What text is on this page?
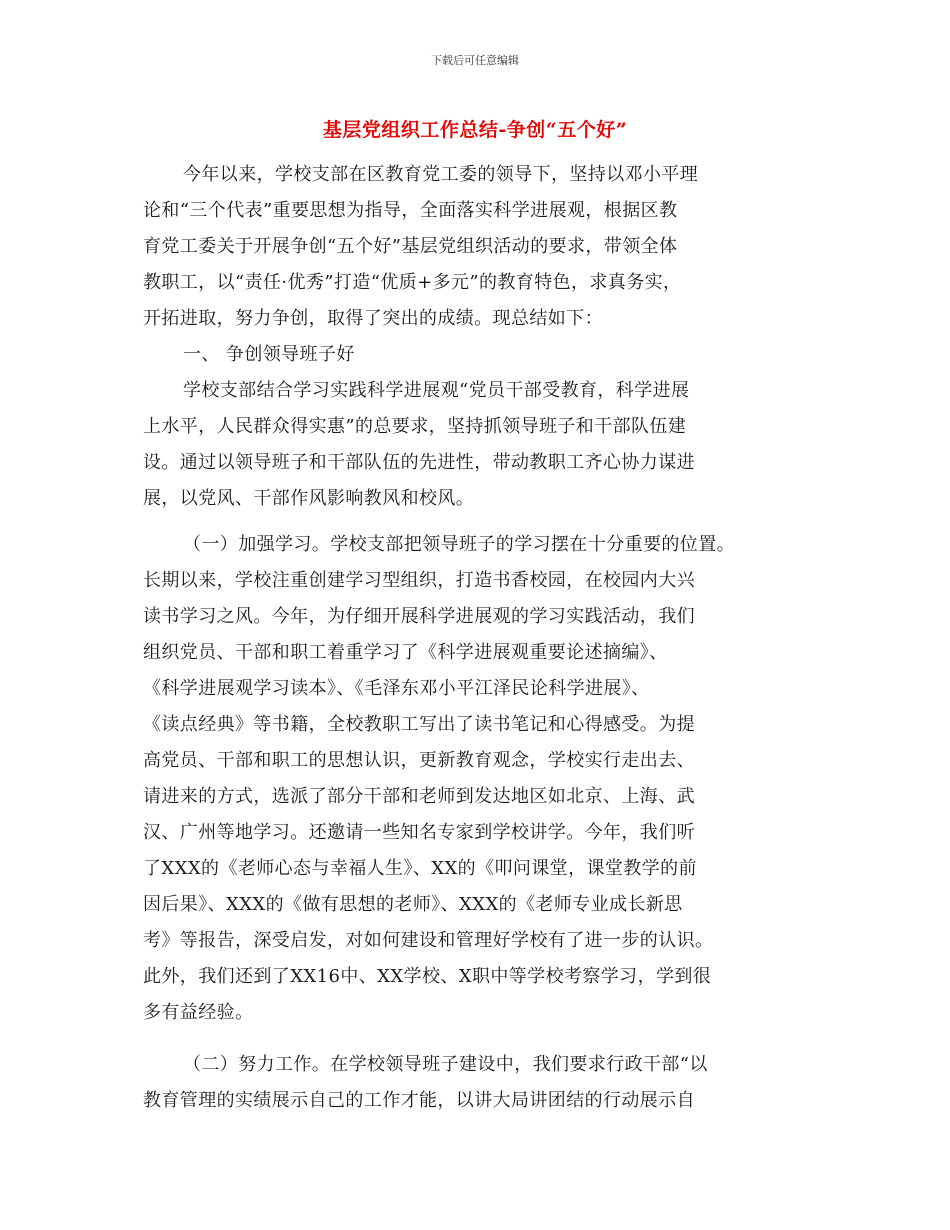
下载后可任意编辑
基层党组织工作总结-争创“五个好”
今年以来，学校支部在区教育党工委的领导下，坚持以邓小平理
论和“三个代表”重要思想为指导，全面落实科学进展观，根据区教
育党工委关于开展争创“五个好”基层党组织活动的要求，带领全体
教职工，以“责任·优秀”打造“优质+多元”的教育特色，求真务实，
开拓进取，努力争创，取得了突出的成绩。现总结如下：
一、 争创领导班子好
学校支部结合学习实践科学进展观“党员干部受教育，科学进展
上水平，人民群众得实惠”的总要求，坚持抓领导班子和干部队伍建
设。通过以领导班子和干部队伍的先进性，带动教职工齐心协力谋进
展，以党风、干部作风影响教风和校风。
（一）加强学习。学校支部把领导班子的学习摆在十分重要的位置。
长期以来，学校注重创建学习型组织，打造书香校园，在校园内大兴
读书学习之风。今年，为仔细开展科学进展观的学习实践活动，我们
组织党员、干部和职工着重学习了《科学进展观重要论述摘编》、
《科学进展观学习读本》、《毛泽东邓小平江泽民论科学进展》、
《读点经典》等书籍，全校教职工写出了读书笔记和心得感受。为提
高党员、干部和职工的思想认识，更新教育观念，学校实行走出去、
请进来的方式，选派了部分干部和老师到发达地区如北京、上海、武
汉、广州等地学习。还邀请一些知名专家到学校讲学。今年，我们听
了XXX的《老师心态与幸福人生》、XX的《叩问课堂，课堂教学的前
因后果》、XXX的《做有思想的老师》、XXX的《老师专业成长新思
考》等报告，深受启发，对如何建设和管理好学校有了进一步的认识。
此外，我们还到了XX16中、XX学校、X职中等学校考察学习，学到很
多有益经验。
（二）努力工作。在学校领导班子建设中，我们要求行政干部“以
教育管理的实绩展示自己的工作才能，以讲大局讲团结的行动展示自
